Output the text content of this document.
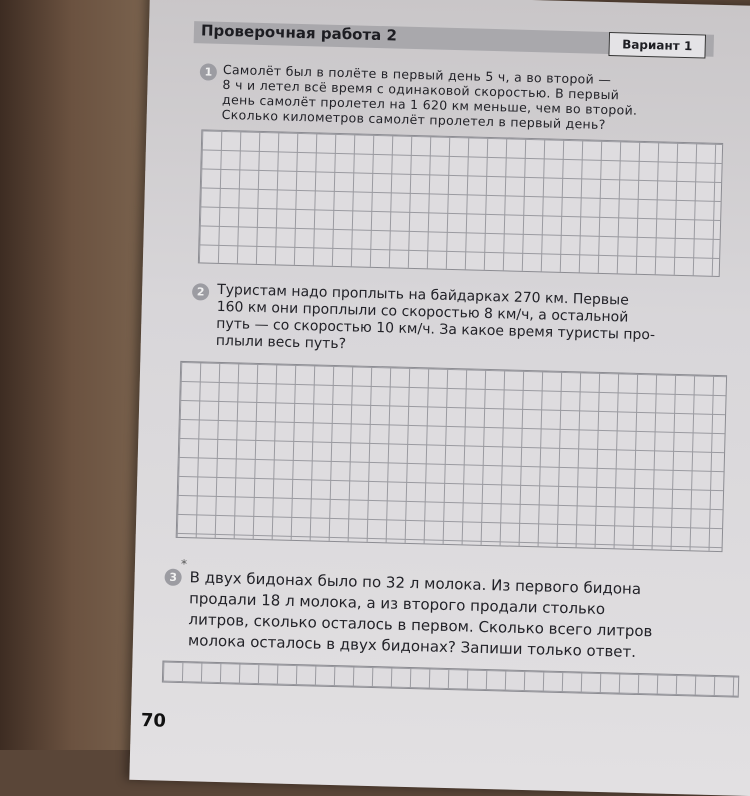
Проверочная работа 2
Вариант 1
1 Самолёт был в полёте в первый день 5 ч, а во второй —
8 ч и летел всё время с одинаковой скоростью. В первый
день самолёт пролетел на 1 620 км меньше, чем во второй.
Сколько километров самолёт пролетел в первый день?
2 Туристам надо проплыть на байдарках 270 км. Первые
160 км они проплыли со скоростью 8 км/ч, а остальной
путь — со скоростью 10 км/ч. За какое время туристы про-
плыли весь путь?
3
*
В двух бидонах было по 32 л молока. Из первого бидона
продали 18 л молока, а из второго продали столько
литров, сколько осталось в первом. Сколько всего литров
молока осталось в двух бидонах? Запиши только ответ.
70
